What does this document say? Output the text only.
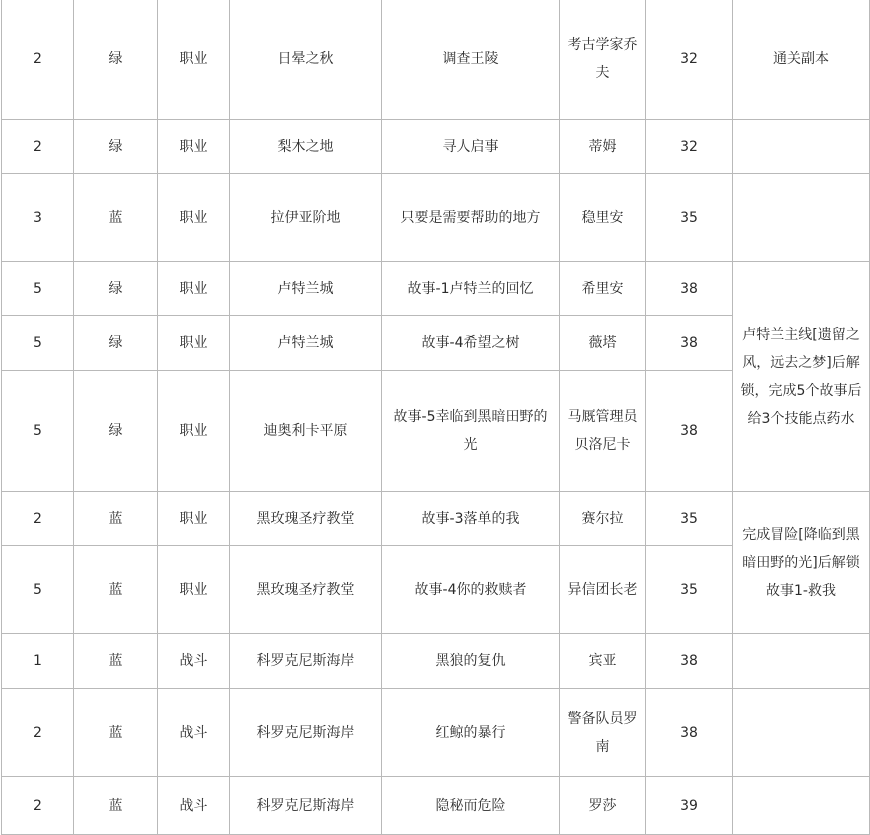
2	绿	职业	日晕之秋	调查王陵	考古学家乔夫	32	通关副本
2	绿	职业	梨木之地	寻人启事	蒂姆	32	
3	蓝	职业	拉伊亚阶地	只要是需要帮助的地方	稳里安	35	
5	绿	职业	卢特兰城	故事-1卢特兰的回忆	希里安	38	卢特兰主线[遗留之风，远去之梦]后解锁，完成5个故事后给3个技能点药水
5	绿	职业	卢特兰城	故事-4希望之树	薇塔	38	
5	绿	职业	迪奥利卡平原	故事-5幸临到黑暗田野的光	马厩管理员贝洛尼卡	38	
2	蓝	职业	黑玫瑰圣疗教堂	故事-3落单的我	赛尔拉	35	完成冒险[降临到黑暗田野的光]后解锁故事1-救我
5	蓝	职业	黑玫瑰圣疗教堂	故事-4你的救赎者	异信团长老	35	
1	蓝	战斗	科罗克尼斯海岸	黑狼的复仇	宾亚	38	
2	蓝	战斗	科罗克尼斯海岸	红鲸的暴行	警备队员罗南	38	
2	蓝	战斗	科罗克尼斯海岸	隐秘而危险	罗莎	39	
